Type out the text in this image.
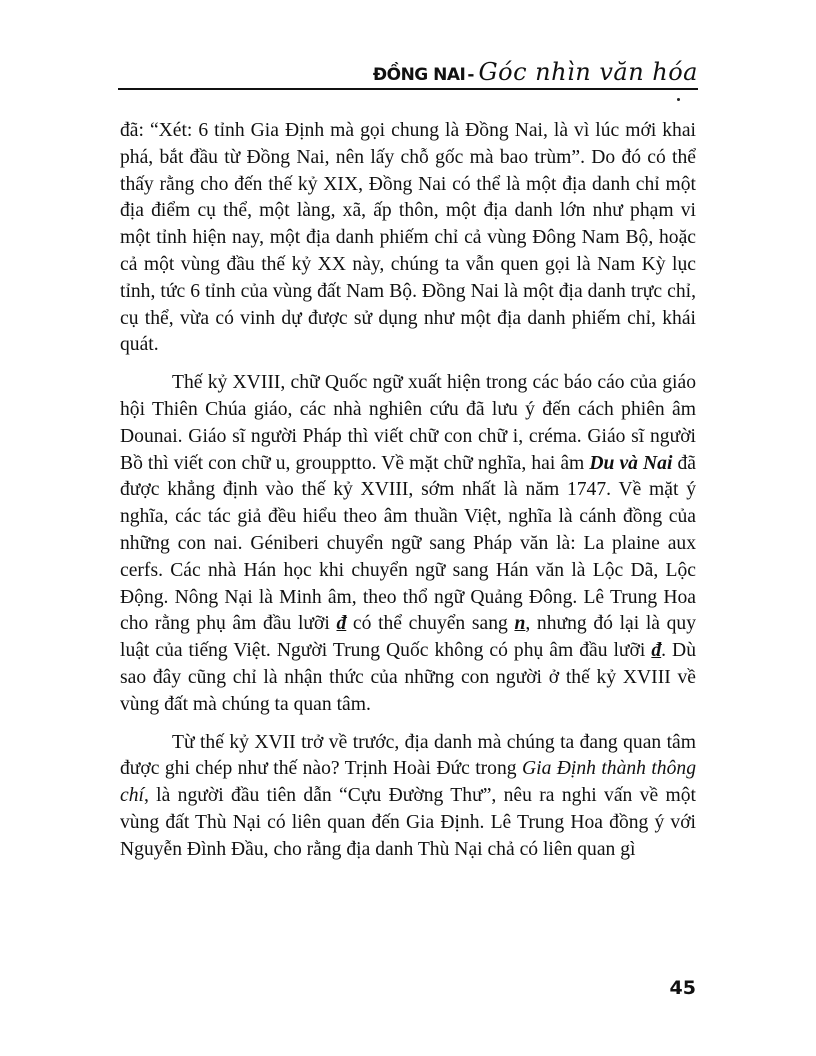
ĐỒNG NAI - Góc nhìn văn hóa

đã: “Xét: 6 tỉnh Gia Định mà gọi chung là Đồng Nai, là vì lúc mới khai phá, bắt đầu từ Đồng Nai, nên lấy chỗ gốc mà bao trùm”. Do đó có thể thấy rằng cho đến thế kỷ XIX, Đồng Nai có thể là một địa danh chỉ một địa điểm cụ thể, một làng, xã, ấp thôn, một địa danh lớn như phạm vi một tỉnh hiện nay, một địa danh phiếm chỉ cả vùng Đông Nam Bộ, hoặc cả một vùng đầu thế kỷ XX này, chúng ta vẫn quen gọi là Nam Kỳ lục tỉnh, tức 6 tỉnh của vùng đất Nam Bộ. Đồng Nai là một địa danh trực chỉ, cụ thể, vừa có vinh dự được sử dụng như một địa danh phiếm chỉ, khái quát.

Thế kỷ XVIII, chữ Quốc ngữ xuất hiện trong các báo cáo của giáo hội Thiên Chúa giáo, các nhà nghiên cứu đã lưu ý đến cách phiên âm Dounai. Giáo sĩ người Pháp thì viết chữ con chữ i, créma. Giáo sĩ người Bồ thì viết con chữ u, groupptto. Về mặt chữ nghĩa, hai âm Du và Nai đã được khẳng định vào thế kỷ XVIII, sớm nhất là năm 1747. Về mặt ý nghĩa, các tác giả đều hiểu theo âm thuần Việt, nghĩa là cánh đồng của những con nai. Géniberi chuyển ngữ sang Pháp văn là: La plaine aux cerfs. Các nhà Hán học khi chuyển ngữ sang Hán văn là Lộc Dã, Lộc Động. Nông Nại là Minh âm, theo thổ ngữ Quảng Đông. Lê Trung Hoa cho rằng phụ âm đầu lưỡi đ có thể chuyển sang n, nhưng đó lại là quy luật của tiếng Việt. Người Trung Quốc không có phụ âm đầu lưỡi đ. Dù sao đây cũng chỉ là nhận thức của những con người ở thế kỷ XVIII về vùng đất mà chúng ta quan tâm.

Từ thế kỷ XVII trở về trước, địa danh mà chúng ta đang quan tâm được ghi chép như thế nào? Trịnh Hoài Đức trong Gia Định thành thông chí, là người đầu tiên dẫn “Cựu Đường Thư”, nêu ra nghi vấn về một vùng đất Thù Nại có liên quan đến Gia Định. Lê Trung Hoa đồng ý với Nguyễn Đình Đầu, cho rằng địa danh Thù Nại chả có liên quan gì

45
